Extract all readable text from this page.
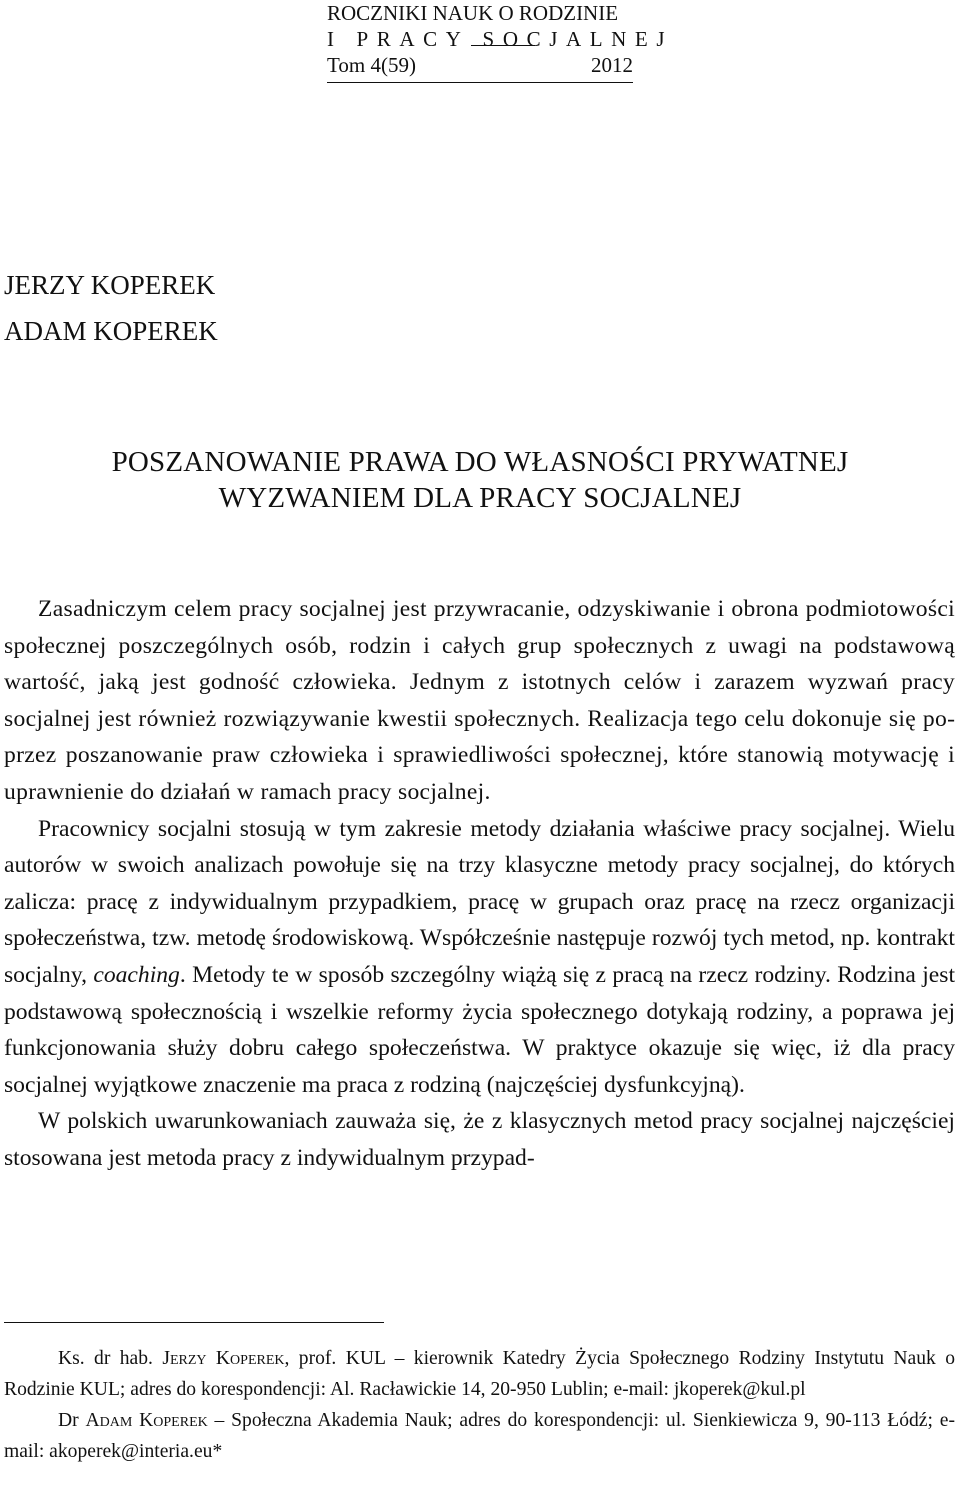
ROCZNIKI NAUK O RODZINIE
I PRACY SOCJALNEJ
Tom 4(59)	2012
JERZY KOPEREK
ADAM KOPEREK
POSZANOWANIE PRAWA DO WŁASNOŚCI PRYWATNEJ
WYZWANIEM DLA PRACY SOCJALNEJ

Zasadniczym celem pracy socjalnej jest przywracanie, odzyskiwanie i obrona podmiotowości społecznej poszczególnych osób, rodzin i całych grup społecznych z uwagi na podstawową wartość, jaką jest godność człowieka. Jednym z istotnych celów i zarazem wyzwań pracy socjalnej jest również rozwiązywanie kwestii społecznych. Realizacja tego celu dokonuje się poprzez poszanowanie praw człowieka i sprawiedliwości społecznej, które stanowią motywację i uprawnienie do działań w ramach pracy socjalnej.

Pracownicy socjalni stosują w tym zakresie metody działania właściwe pracy socjalnej. Wielu autorów w swoich analizach powołuje się na trzy klasyczne metody pracy socjalnej, do których zalicza: pracę z indywidualnym przypadkiem, pracę w grupach oraz pracę na rzecz organizacji społeczeństwa, tzw. metodę środowiskową. Współcześnie następuje rozwój tych metod, np. kontrakt socjalny, coaching. Metody te w sposób szczególny wiążą się z pracą na rzecz rodziny. Rodzina jest podstawową społecznością i wszelkie reformy życia społecznego dotykają rodziny, a poprawa jej funkcjonowania służy dobru całego społeczeństwa. W praktyce okazuje się więc, iż dla pracy socjalnej wyjątkowe znaczenie ma praca z rodziną (najczęściej dysfunkcyjną).

W polskich uwarunkowaniach zauważa się, że z klasycznych metod pracy socjalnej najczęściej stosowana jest metoda pracy z indywidualnym przypad-

Ks. dr hab. Jerzy Koperek, prof. KUL – kierownik Katedry Życia Społecznego Rodziny Instytutu Nauk o Rodzinie KUL; adres do korespondencji: Al. Racławickie 14, 20-950 Lublin; e-mail: jkoperek@kul.pl

Dr Adam Koperek – Społeczna Akademia Nauk; adres do korespondencji: ul. Sienkiewicza 9, 90-113 Łódź; e-mail: akoperek@interia.eu*
